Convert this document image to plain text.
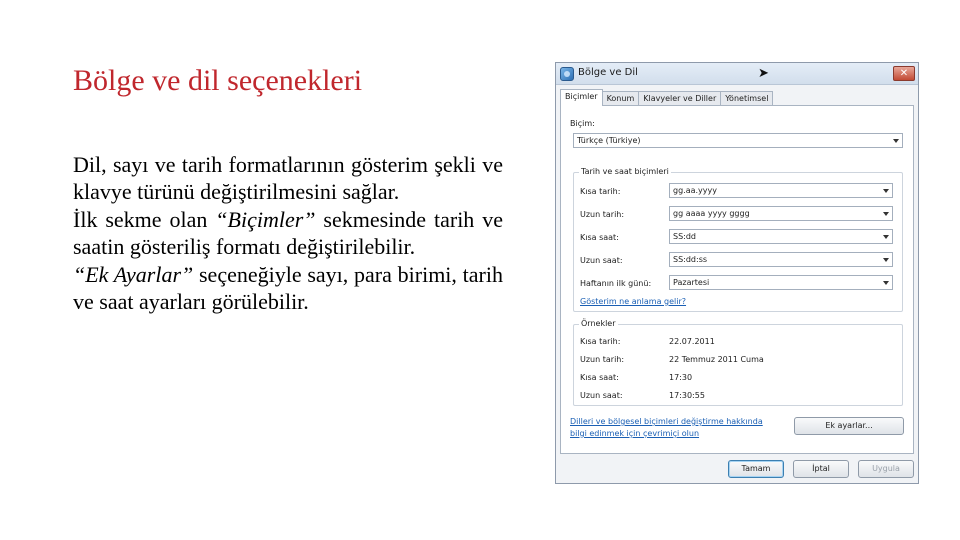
Bölge ve dil seçenekleri

Dil, sayı ve tarih formatlarının gösterim şekli ve klavye türünü değiştirilmesini sağlar.

İlk sekme olan “Biçimler” sekmesinde tarih ve saatin gösteriliş formatı değiştirilebilir.

“Ek Ayarlar” seçeneğiyle sayı, para birimi, tarih ve saat ayarları görülebilir.

Bölge ve Dil	➤	✕
Biçimler	Konum	Klavyeler ve Diller	Yönetimsel
Biçim:
Türkçe (Türkiye)
Tarih ve saat biçimleri
Kısa tarih:	gg.aa.yyyy
Uzun tarih:	gg aaaa yyyy gggg
Kısa saat:	SS:dd
Uzun saat:	SS:dd:ss
Haftanın ilk günü:	Pazartesi
Gösterim ne anlama gelir?
Örnekler
Kısa tarih:	22.07.2011
Uzun tarih:	22 Temmuz 2011 Cuma
Kısa saat:	17:30
Uzun saat:	17:30:55
Dilleri ve bölgesel biçimleri değiştirme hakkında
bilgi edinmek için çevrimiçi olun
Ek ayarlar...
Tamam	İptal	Uygula
